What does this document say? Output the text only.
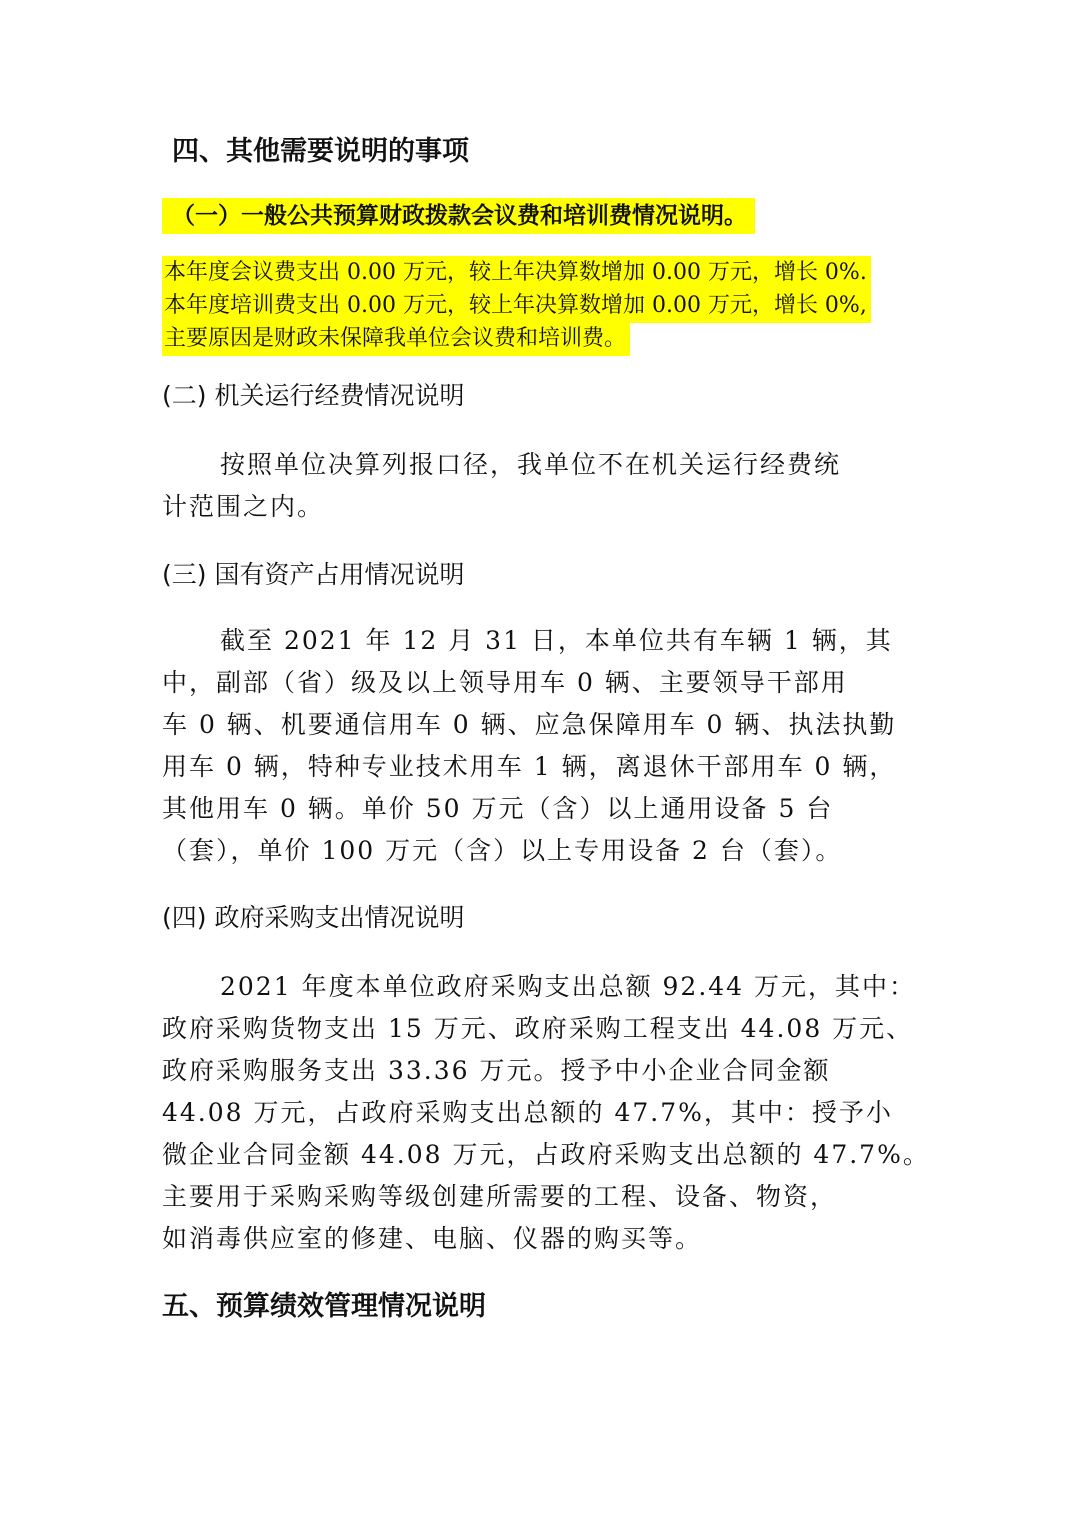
四、其他需要说明的事项
（一）一般公共预算财政拨款会议费和培训费情况说明。
本年度会议费支出 0.00 万元，较上年决算数增加 0.00 万元，增长 0%.
本年度培训费支出 0.00 万元，较上年决算数增加 0.00 万元，增长 0%,
主要原因是财政未保障我单位会议费和培训费。
(二) 机关运行经费情况说明
按照单位决算列报口径，我单位不在机关运行经费统
计范围之内。
(三) 国有资产占用情况说明
截至 2021 年 12 月 31 日，本单位共有车辆 1 辆，其
中，副部（省）级及以上领导用车 0 辆、主要领导干部用
车 0 辆、机要通信用车 0 辆、应急保障用车 0 辆、执法执勤
用车 0 辆，特种专业技术用车 1 辆，离退休干部用车 0 辆，
其他用车 0 辆。单价 50 万元（含）以上通用设备 5 台
（套），单价 100 万元（含）以上专用设备 2 台（套）。
(四) 政府采购支出情况说明
2021 年度本单位政府采购支出总额 92.44 万元，其中：
政府采购货物支出 15 万元、政府采购工程支出 44.08 万元、
政府采购服务支出 33.36 万元。授予中小企业合同金额
44.08 万元，占政府采购支出总额的 47.7%，其中：授予小
微企业合同金额 44.08 万元，占政府采购支出总额的 47.7%。
主要用于采购采购等级创建所需要的工程、设备、物资，
如消毒供应室的修建、电脑、仪器的购买等。
五、预算绩效管理情况说明
